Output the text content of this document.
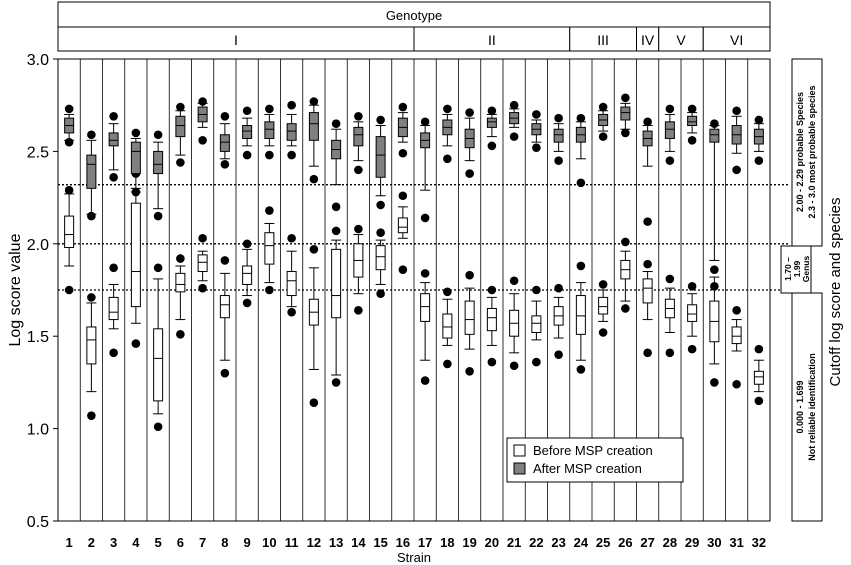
Genotype
I	II	III IV V	VI
0.5
1.0
1.5
2.0
2.5
3.0
1 2 3 4 5 6 7 8 9 10 11 12 13 14 15 16 17 18 19 20 21 22 23 24 25 26 27 28 29 30 31 32
Log score value
Strain
Before MSP creation
After MSP creation
2.00 - 2.29 probable Species 2.3 - 3.0 most probable species
1.70 – 1.99 Genus
0.000 - 1.699 Not reliable identification
Cutoff log score and species
